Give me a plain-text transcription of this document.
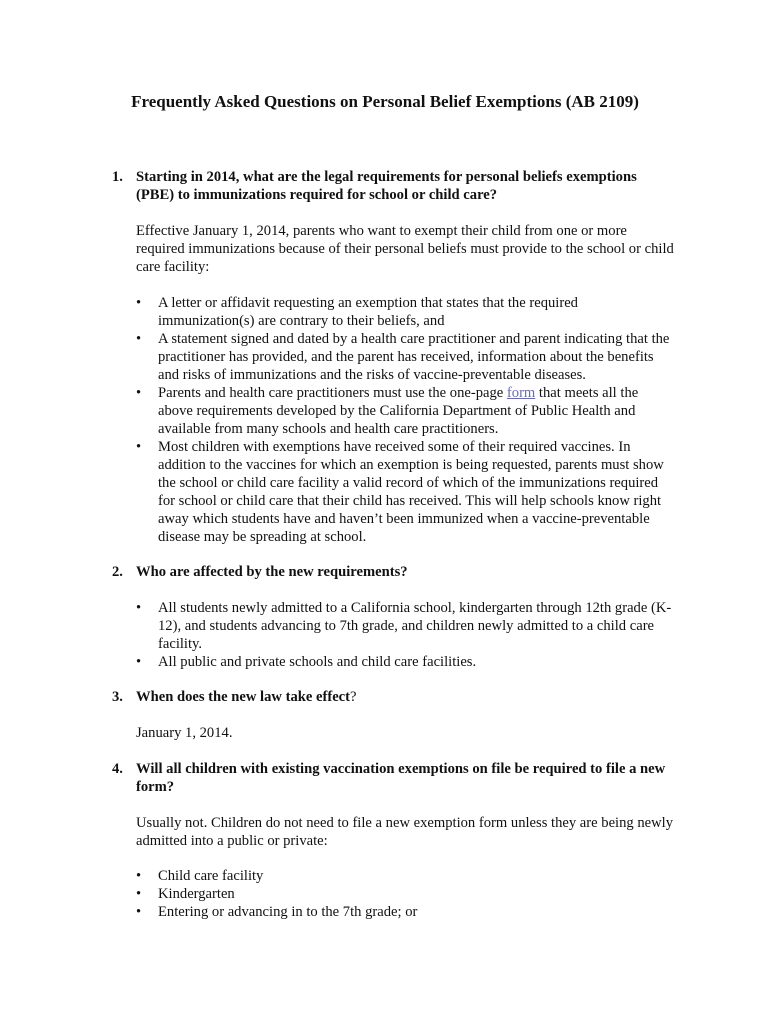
Frequently Asked Questions on Personal Belief Exemptions (AB 2109)
1. Starting in 2014, what are the legal requirements for personal beliefs exemptions (PBE) to immunizations required for school or child care?
Effective January 1, 2014, parents who want to exempt their child from one or more required immunizations because of their personal beliefs must provide to the school or child care facility:
•	A letter or affidavit requesting an exemption that states that the required immunization(s) are contrary to their beliefs, and
•	A statement signed and dated by a health care practitioner and parent indicating that the practitioner has provided, and the parent has received, information about the benefits and risks of immunizations and the risks of vaccine-preventable diseases.
•	Parents and health care practitioners must use the one-page form that meets all the above requirements developed by the California Department of Public Health and available from many schools and health care practitioners.
•	Most children with exemptions have received some of their required vaccines. In addition to the vaccines for which an exemption is being requested, parents must show the school or child care facility a valid record of which of the immunizations required for school or child care that their child has received. This will help schools know right away which students have and haven’t been immunized when a vaccine-preventable disease may be spreading at school.
2. Who are affected by the new requirements?
•	All students newly admitted to a California school, kindergarten through 12th grade (K-12), and students advancing to 7th grade, and children newly admitted to a child care facility.
•	All public and private schools and child care facilities.
3. When does the new law take effect?
January 1, 2014.
4. Will all children with existing vaccination exemptions on file be required to file a new form?
Usually not. Children do not need to file a new exemption form unless they are being newly admitted into a public or private:
•	Child care facility
•	Kindergarten
•	Entering or advancing in to the 7th grade; or
